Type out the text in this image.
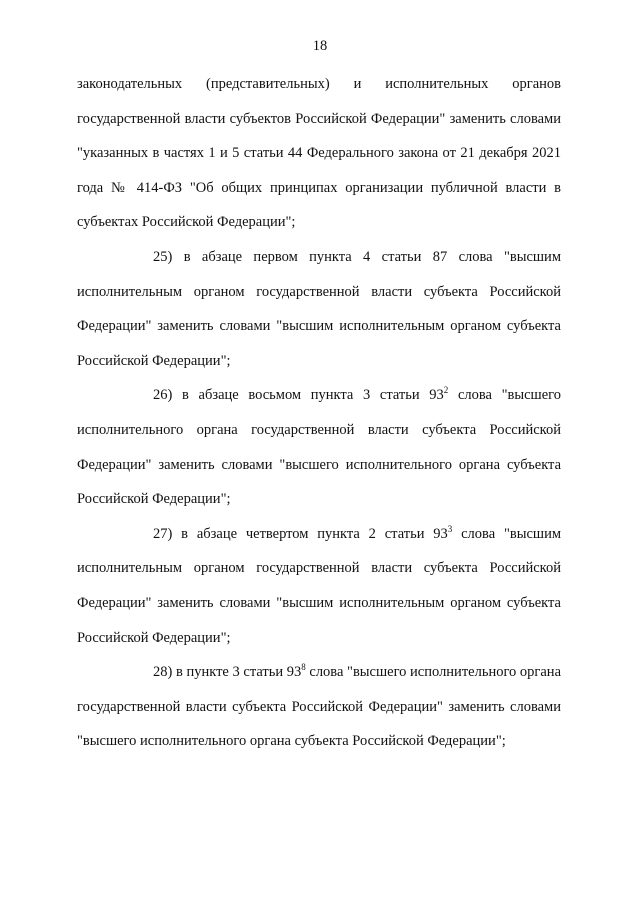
18

законодательных (представительных) и исполнительных органов государственной власти субъектов Российской Федерации" заменить словами "указанных в частях 1 и 5 статьи 44 Федерального закона от 21 декабря 2021 года № 414-ФЗ "Об общих принципах организации публичной власти в субъектах Российской Федерации";

25) в абзаце первом пункта 4 статьи 87 слова "высшим исполнительным органом государственной власти субъекта Российской Федерации" заменить словами "высшим исполнительным органом субъекта Российской Федерации";

26) в абзаце восьмом пункта 3 статьи $93^2$ слова "высшего исполнительного органа государственной власти субъекта Российской Федерации" заменить словами "высшего исполнительного органа субъекта Российской Федерации";

27) в абзаце четвертом пункта 2 статьи $93^3$ слова "высшим исполнительным органом государственной власти субъекта Российской Федерации" заменить словами "высшим исполнительным органом субъекта Российской Федерации";

28) в пункте 3 статьи $93^8$ слова "высшего исполнительного органа государственной власти субъекта Российской Федерации" заменить словами "высшего исполнительного органа субъекта Российской Федерации";
